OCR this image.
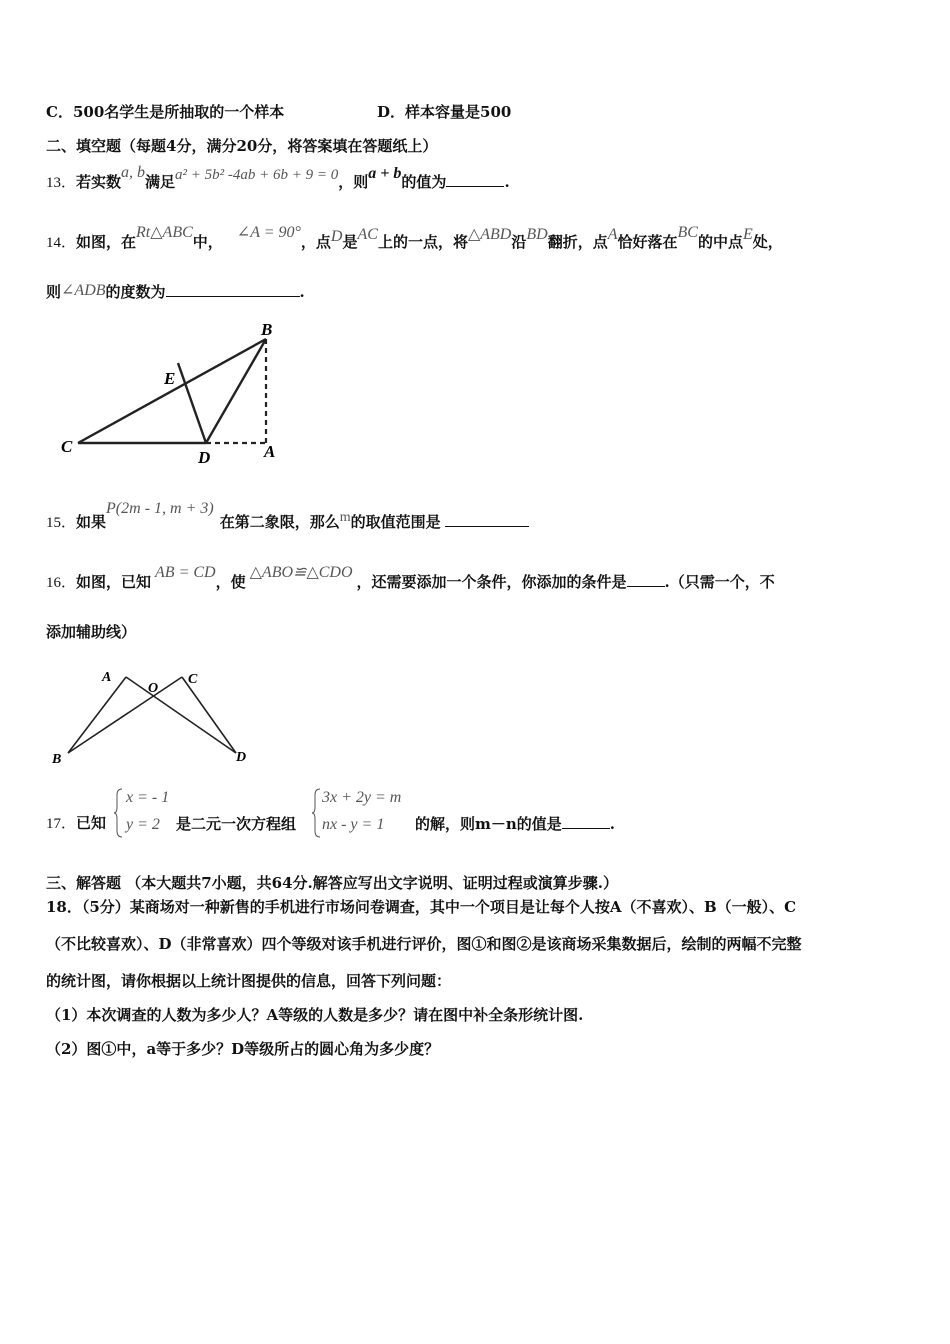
C．500名学生是所抽取的一个样本	D．样本容量是500
二、填空题（每题4分，满分20分，将答案填在答题纸上）
13．若实数a, b满足a² + 5b² -4ab + 6b + 9 = 0，则a + b的值为	.
14．如图，在Rt△ABC中，∠A = 90°，点D是AC上的一点，将△ABD沿BD翻折，点A恰好落在BC的中点E处，
则∠ADB的度数为	.
B
E
C
D	A
15．如果P(2m - 1, m + 3)在第二象限，那么m的取值范围是
16．如图，已知AB = CD，使△ABO≌△CDO，还需要添加一个条件，你添加的条件是	.（只需一个，不
添加辅助线）
A
O
C
B	D
17．已知
x = - 1
y = 2 是二元一次方程组
3x + 2y = m
nx - y = 1 的解，则m－n的值是	.
三、解答题 （本大题共7小题，共64分.解答应写出文字说明、证明过程或演算步骤.）
18．（5分）某商场对一种新售的手机进行市场问卷调查，其中一个项目是让每个人按A（不喜欢）、B（一般）、C
（不比较喜欢）、D（非常喜欢）四个等级对该手机进行评价，图①和图②是该商场采集数据后，绘制的两幅不完整
的统计图，请你根据以上统计图提供的信息，回答下列问题：
（1）本次调查的人数为多少人？A等级的人数是多少？请在图中补全条形统计图.
（2）图①中，a等于多少？D等级所占的圆心角为多少度？
